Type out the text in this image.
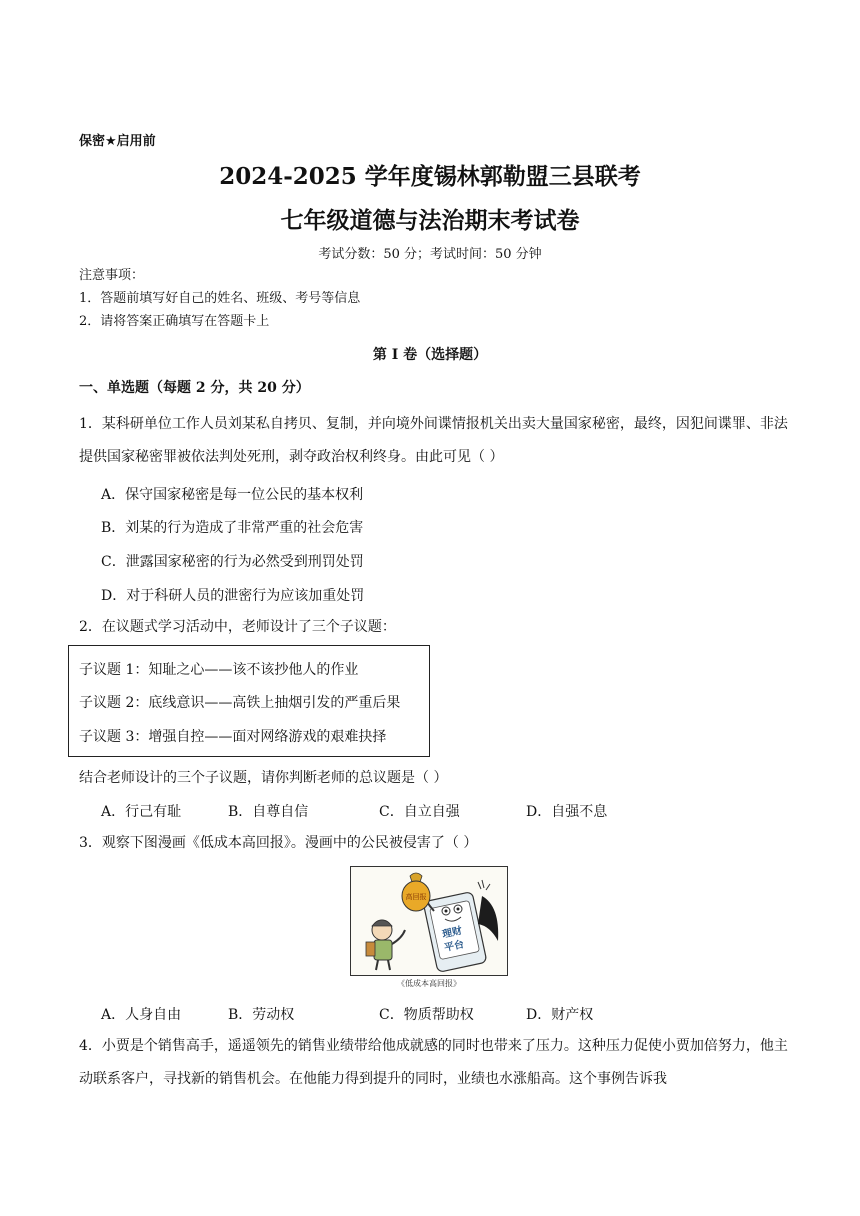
保密★启用前
2024-2025 学年度锡林郭勒盟三县联考
七年级道德与法治期末考试卷
考试分数：50 分；考试时间：50 分钟
注意事项：
1．答题前填写好自己的姓名、班级、考号等信息
2．请将答案正确填写在答题卡上
第 I 卷（选择题）
一、单选题（每题 2 分，共 20 分）
1．某科研单位工作人员刘某私自拷贝、复制，并向境外间谍情报机关出卖大量国家秘密，最终，因犯间谍罪、非法提供国家秘密罪被依法判处死刑，剥夺政治权利终身。由此可见（ ）
A．保守国家秘密是每一位公民的基本权利
B．刘某的行为造成了非常严重的社会危害
C．泄露国家秘密的行为必然受到刑罚处罚
D．对于科研人员的泄密行为应该加重处罚
2．在议题式学习活动中，老师设计了三个子议题：
子议题 1：知耻之心——该不该抄他人的作业
子议题 2：底线意识——高铁上抽烟引发的严重后果
子议题 3：增强自控——面对网络游戏的艰难抉择
结合老师设计的三个子议题，请你判断老师的总议题是（ ）
A．行己有耻	B．自尊自信	C．自立自强	D．自强不息
3．观察下图漫画《低成本高回报》。漫画中的公民被侵害了（ ）
理财
平台
高回报
《低成本高回报》
A．人身自由	B．劳动权	C．物质帮助权	D．财产权
4．小贾是个销售高手，遥遥领先的销售业绩带给他成就感的同时也带来了压力。这种压力促使小贾加倍努力，他主动联系客户，寻找新的销售机会。在他能力得到提升的同时，业绩也水涨船高。这个事例告诉我
